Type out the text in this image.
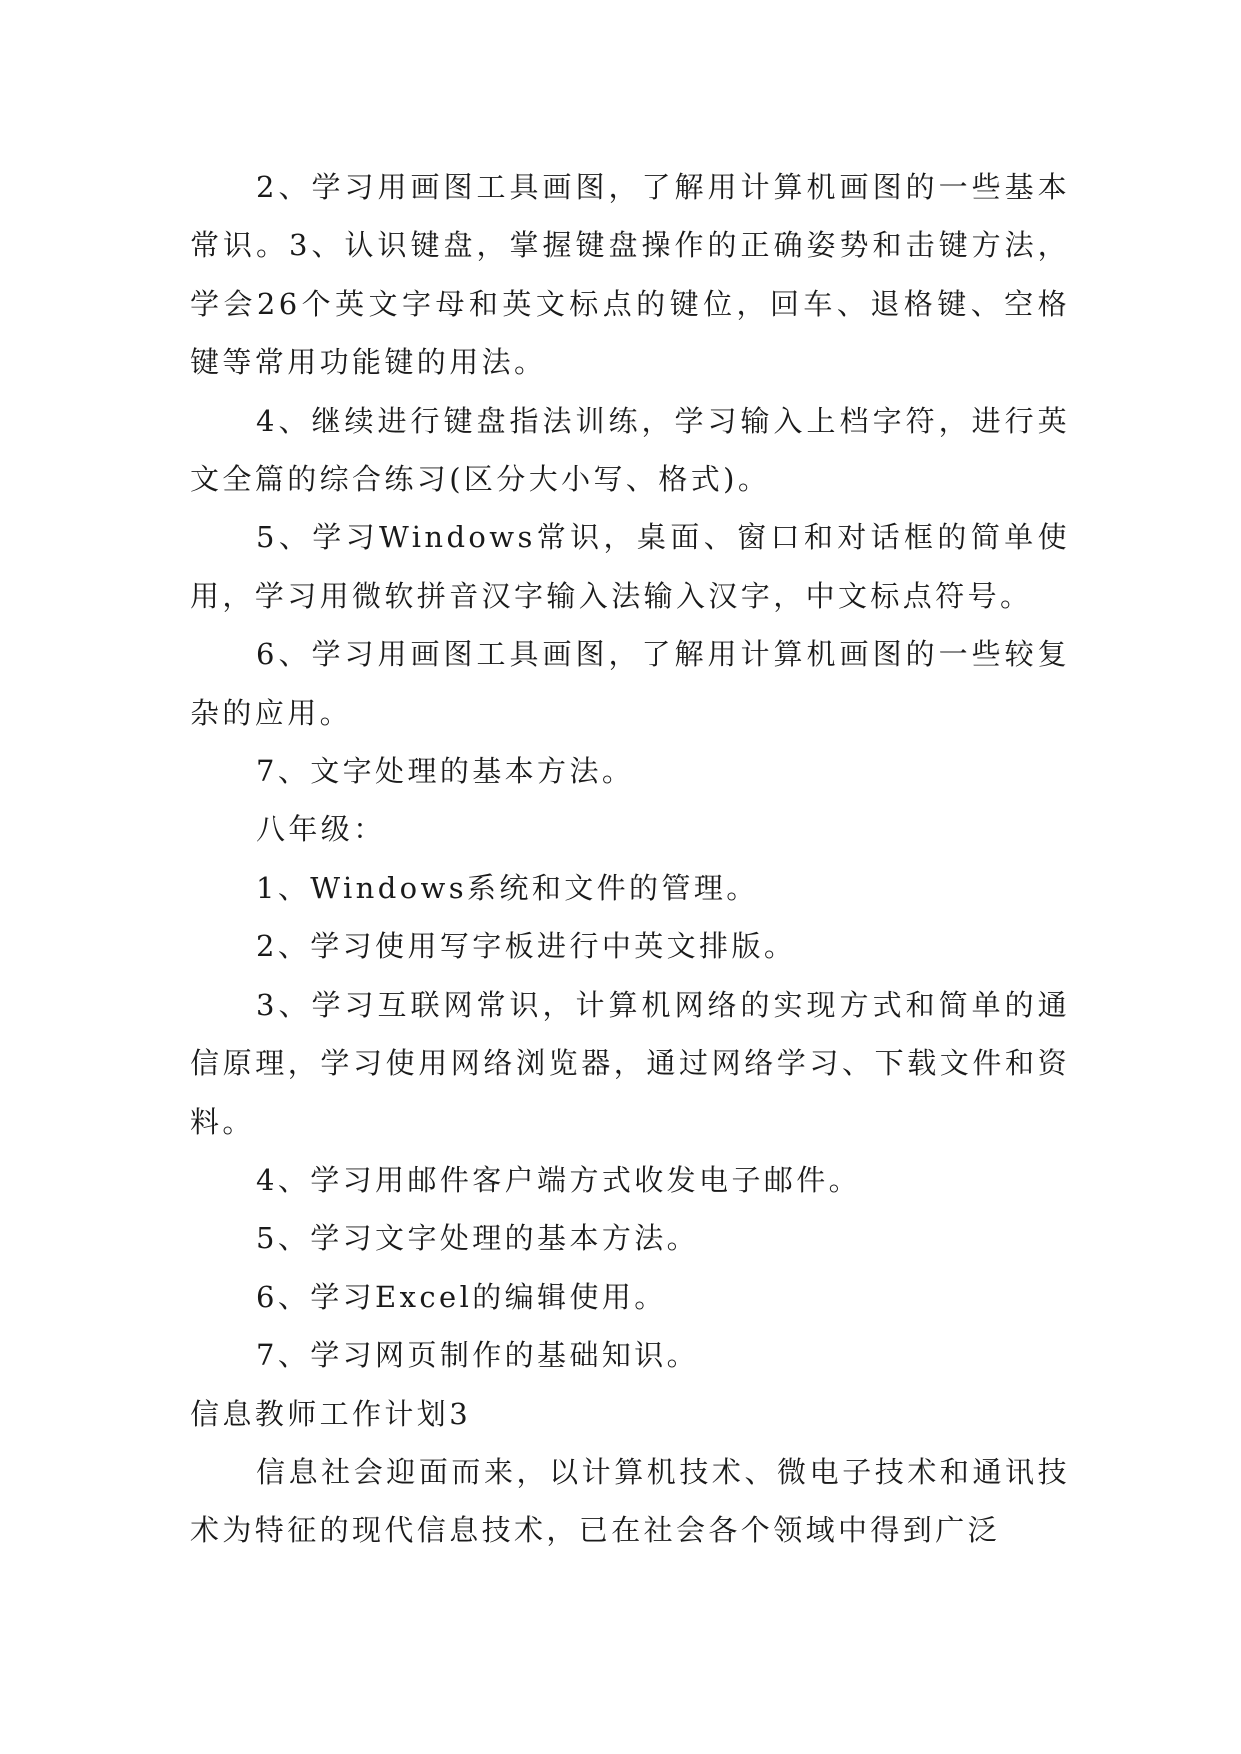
2、学习用画图工具画图，了解用计算机画图的一些基本常识。3、认识键盘，掌握键盘操作的正确姿势和击键方法，学会26个英文字母和英文标点的键位，回车、退格键、空格键等常用功能键的用法。

4、继续进行键盘指法训练，学习输入上档字符，进行英文全篇的综合练习(区分大小写、格式)。

5、学习Windows常识，桌面、窗口和对话框的简单使用，学习用微软拼音汉字输入法输入汉字，中文标点符号。

6、学习用画图工具画图，了解用计算机画图的一些较复杂的应用。

7、文字处理的基本方法。

八年级：

1、Windows系统和文件的管理。

2、学习使用写字板进行中英文排版。

3、学习互联网常识，计算机网络的实现方式和简单的通信原理，学习使用网络浏览器，通过网络学习、下载文件和资料。

4、学习用邮件客户端方式收发电子邮件。

5、学习文字处理的基本方法。

6、学习Excel的编辑使用。

7、学习网页制作的基础知识。

信息教师工作计划3

信息社会迎面而来，以计算机技术、微电子技术和通讯技术为特征的现代信息技术，已在社会各个领域中得到广泛
